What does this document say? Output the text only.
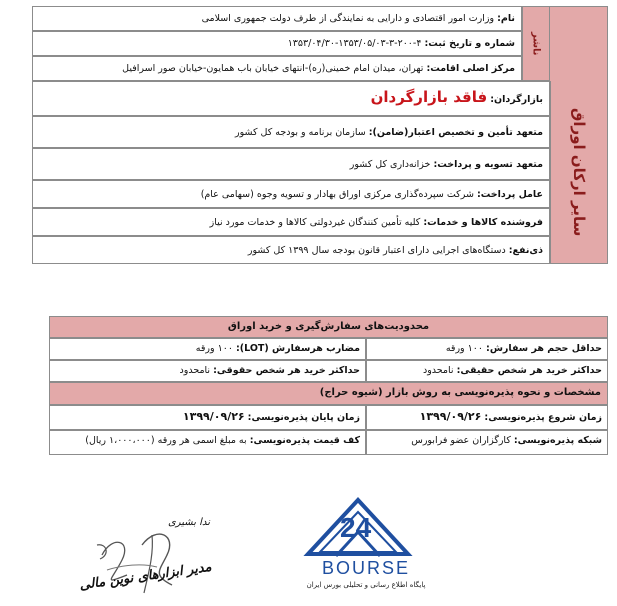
ناشر
سایر ارکان اوراق
نام: وزارت امور اقتصادی و دارایی به نمایندگی از طرف دولت جمهوری اسلامی
شماره و تاریخ ثبت: ۴-۲۰۰-۳-۱۳۵۳/۰۵/۰۳-۱۳۵۳/۰۴/۳۰
مرکز اصلی اقامت: تهران، میدان امام خمینی(ره)-انتهای خیابان باب همایون-خیابان صور اسرافیل
بازارگردان: فاقد بازارگردان
متعهد تأمین و تخصیص اعتبار(ضامن): سازمان برنامه و بودجه کل کشور
متعهد تسویه و پرداخت: خزانه‌داری کل کشور
عامل پرداخت: شرکت سپرده‌گذاری مرکزی اوراق بهادار و تسویه وجوه (سهامی عام)
فروشنده کالاها و خدمات: کلیه تأمین کنندگان غیردولتی کالاها و خدمات مورد نیاز
ذی‌نفع: دستگاه‌های اجرایی دارای اعتبار قانون بودجه سال ۱۳۹۹ کل کشور
محدودیت‌های سفارش‌گیری و خرید اوراق
حداقل حجم هر سفارش: ۱۰۰ ورقه
مضارب هرسفارش (LOT): ۱۰۰ ورقه
حداکثر خرید هر شخص حقیقی: نامحدود
حداکثر خرید هر شخص حقوقی: نامحدود
مشخصات و نحوه پذیره‌نویسی به روش بازار (شیوه حراج)
زمان شروع پذیره‌نویسی: ۱۳۹۹/۰۹/۲۶
زمان پایان پذیره‌نویسی: ۱۳۹۹/۰۹/۲۶
شبکه پذیره‌نویسی: کارگزاران عضو فرابورس
کف قیمت پذیره‌نویسی: به مبلغ اسمی هر ورقه (۱،۰۰۰،۰۰۰ ریال)
ندا بشیری
مدیر ابزارهای نوین مالی
24
BOURSE
پایگاه اطلاع رسانی و تحلیلی بورس ایران
